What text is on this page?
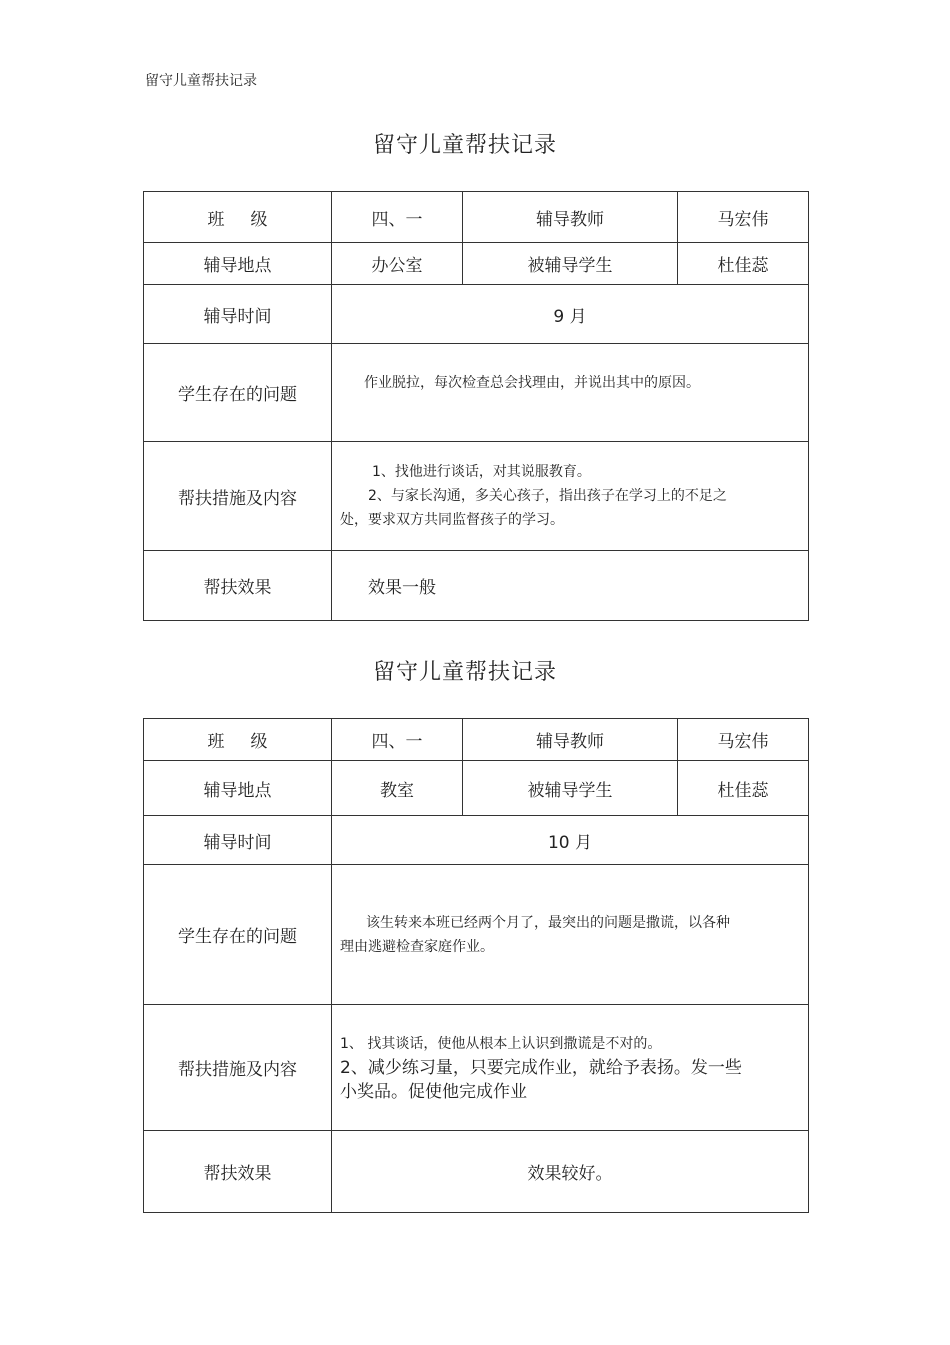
留守儿童帮扶记录
留守儿童帮扶记录
班级	四、一	辅导教师	马宏伟
辅导地点	办公室	被辅导学生	杜佳蕊
辅导时间	9 月		
学生存在的问题	作业脱拉，每次检查总会找理由，并说出其中的原因。		

帮扶措施及内容	1、找他进行谈话，对其说服教育。
2、与家长沟通，多关心孩子，指出孩子在学习上的不足之
处，要求双方共同监督孩子的学习。		

帮扶效果	效果一般		
留守儿童帮扶记录
班级	四、一	辅导教师	马宏伟
辅导地点	教室	被辅导学生	杜佳蕊
辅导时间	10 月		
学生存在的问题	该生转来本班已经两个月了，最突出的问题是撒谎，以各种
理由逃避检查家庭作业。		

帮扶措施及内容	1、 找其谈话，使他从根本上认识到撒谎是不对的。
2、减少练习量，只要完成作业，就给予表扬。发一些
小奖品。促使他完成作业		

帮扶效果	效果较好。		
